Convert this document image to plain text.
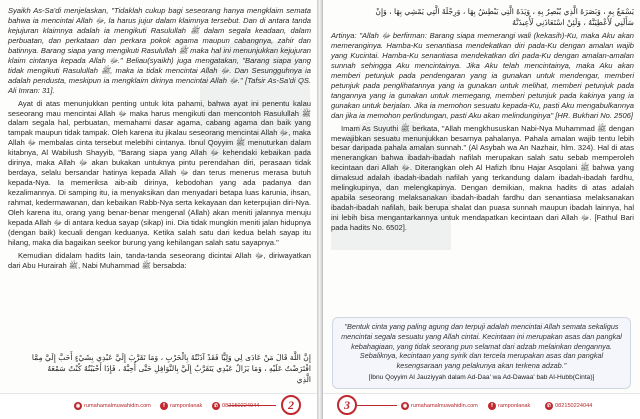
Syaikh As-Sa'di menjelaskan, "Tidaklah cukup bagi seseorang hanya mengklaim semata bahwa ia mencintai Allah ﷻ, la harus jujur dalam klaimnya tersebut. Dan di antara tanda kejujuran klaimnya adalah ia mengikuti Rasulullah ﷺ dalam segala keadaan, dalam perbuatan, dan perkataan dan perkara pokok agama maupun cabangnya, zahir dan batinnya. Barang siapa yang mengikuti Rasulullah ﷺ maka hal ini menunjukkan kejujuran klaim cintanya kepada Allah ﷻ." Beliau(syaikh) juga mengatakan, "Barang siapa yang tidak mengikuti Rasulullah ﷺ, maka ia tidak mencintai Allah ﷻ. Dan Sesungguhnya ia adalah pendusta, meskipun ia mengklaim dirinya mencintai Allah ﷻ." [Tafsir As-Sa'di QS. Ali Imran: 31].

Ayat di atas menunjukkan penting untuk kita pahami, bahwa ayat ini penentu kalau seseorang mau mencintai Allah ﷻ maka harus mengikuti dan mencontoh Rasulullah ﷺ dalam segala hal, perbuatan, memahami dasar agama, cabang agama dan baik yang tampak maupun tidak tampak. Oleh karena itu jikalau seseorang mencintai Allah ﷻ, maka Allah ﷻ membalas cinta tersebut melebihi cintanya. Ibnul Qoyyim ﷺ menuturkan dalam kitabnya, Al Wabilush Shayyib, "Barang siapa yang Allah ﷻ kehendaki kebaikan pada dirinya, maka Allah ﷻ akan bukakan untuknya pintu perendahan diri, perasaan tidak berdaya, selalu bersandar hatinya kepada Allah ﷻ dan terus menerus merasa butuh kepada-Nya. Ia memeriksa aib-aib dirinya, kebodohan yang ada padanya dan kezalimannya. Di samping itu, ia menyaksikan dan menyadari betapa luas karunia, ihsan, rahmat, kedermawanan, dan kebaikan Rabb-Nya serta kekayaan dan keterpujian diri-Nya. Oleh karena itu, orang yang benar-benar mengenal (Allah) akan meniti jalannya menuju kepada Allah ﷻ di antara kedua sayap (sikap) ini. Dia tidak mungkin meniti jalan hidupnya (dengan baik) kecuali dengan keduanya. Ketika salah satu dari kedua belah sayap itu hilang, maka dia bagaikan seekor burung yang kehilangan salah satu sayapnya."

Kemudian didalam hadits lain, tanda-tanda seseorang dicintai Allah ﷻ, diriwayatkan dari Abu Hurairah ﷺ, Nabi Muhammad ﷺ bersabda:

إِنَّ اللَّهَ قَالَ مَنْ عَادَى لِي وَلِيًّا فَقَدْ آذَنْتُهُ بِالْحَرْبِ ، وَمَا تَقَرَّبَ إِلَيَّ عَبْدِي بِشَيْءٍ أَحَبَّ إِلَيَّ مِمَّا
افْتَرَضْتُ عَلَيْهِ ، وَمَا يَزَالُ عَبْدِي يَتَقَرَّبُ إِلَيَّ بِالنَّوَافِلِ حَتَّى أُحِبَّهُ ، فَإِذَا أَحْبَبْتُهُ كُنْتُ سَمْعَهُ
الَّذِي
◉ rumahamalmuwahidin.com	f ramponlanak	✆ 082150224044	2
يَسْمَعُ بِهِ ، وَبَصَرَهُ الَّذِي يُبْصِرُ بِهِ ، وَيَدَهُ الَّتِي يَبْطِشُ بِهَا ، وَرِجْلَهُ الَّتِي يَمْشِي بِهَا ، وَإِنْ
سَأَلَنِي لَأُعْطِيَنَّهُ ، وَلَئِنْ اسْتَعَاذَنِي لَأُعِيذَنَّهُ

Artinya: "Allah ﷻ berfirman: Barang siapa memerangi wali (kekasih)-Ku, maka Aku akan memeranginya. Hamba-Ku senantiasa mendekatkan diri pada-Ku dengan amalan wajib yang Kucintai. Hamba-Ku senantiasa mendekatkan diri pada-Ku dengan amalan-amalan sunnah sehingga Aku mencintainya. Jika Aku telah mencintainya, maka Aku akan memberi petunjuk pada pendengaran yang ia gunakan untuk mendengar, memberi petunjuk pada penglihatannya yang ia gunakan untuk melihat, memberi petunjuk pada tangannya yang ia gunakan untuk memegang, memberi petunjuk pada kakinya yang ia gunakan untuk berjalan. Jika ia memohon sesuatu kepada-Ku, pasti Aku mengabulkannya dan jika ia memohon perlindungan, pasti Aku akan melindunginya" [HR. Bukhari No. 2506]

Imam As Suyuthi ﷺ berkata, "Allah mengkhususkan Nabi-Nya Muhammad ﷺ dengan mewajibkan sesuatu menunjukkan besarnya pahalanya. Pahala amalan wajib tentu lebih besar daripada pahala amalan sunnah." (Al Asybah wa An Nazhair, hlm. 324). Hal di atas menerangkan bahwa ibadah-ibadah nafilah merupakan salah satu sebab memperoleh kecintaan dari Allah ﷻ. Diterangkan oleh Al Hafizh Ibnu Hajar Asqolani ﷺ bahwa yang dimaksud adalah ibadah-ibadah nafilah yang terkandung dalam ibadah-ibadah fardhu, melingkupinya, dan melengkapinya. Dengan demikian, makna hadits di atas adalah apabila seseorang melaksanakan ibadah-ibadah fardhu dan senantiasa melaksanakan ibadah-ibadah nafilah, baik berupa shalat dan puasa sunnah maupun ibadah lainnya, hal ini lebih bisa mengantarkannya untuk mendapatkan kecintaan dari Allah ﷻ. [Fathul Bari pada hadits No. 6502].

"Bentuk cinta yang paling agung dan terpuji adalah mencintai Allah semata sekaligus mencintai segala sesuatu yang Allah cintai. Kecintaan ini merupakan asas dan pangkal kebahagiaan, yang tidak seorang pun selamat dari adzab melainkan dengannya. Sebaliknya, kecintaan yang syirik dan tercela merupakan asas dan pangkal kesengsaraan yang pelakunya akan terkena adzab."
[Ibnu Qoyyim Al Jauziyyah dalam Ad-Daa' wa Ad-Dawaa' bab Al-Hubb(Cinta)]
3	◉ rumahamalmuwahidin.com	f ramponlanak	✆ 082150224044
